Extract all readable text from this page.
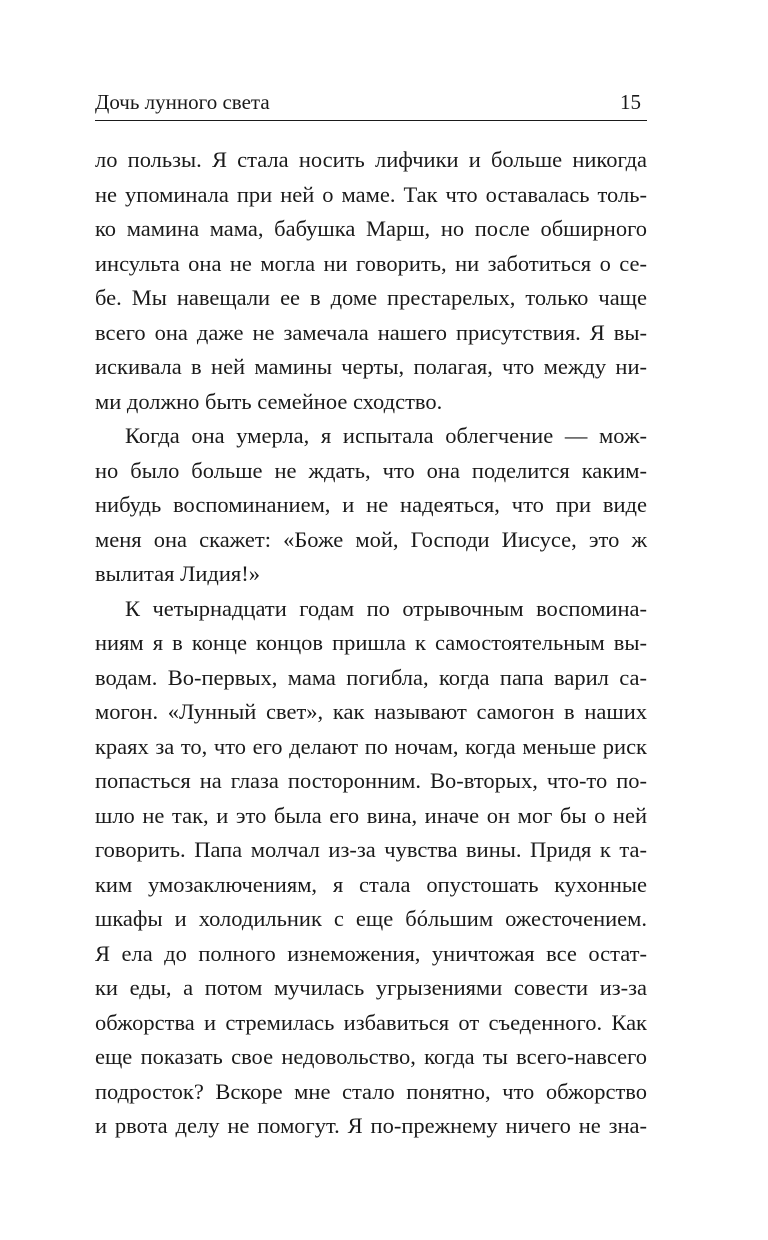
Дочь лунного света	15
ло пользы. Я стала носить лифчики и больше никогда
не упоминала при ней о маме. Так что оставалась толь-
ко мамина мама, бабушка Марш, но после обширного
инсульта она не могла ни говорить, ни заботиться о се-
бе. Мы навещали ее в доме престарелых, только чаще
всего она даже не замечала нашего присутствия. Я вы-
искивала в ней мамины черты, полагая, что между ни-
ми должно быть семейное сходство.
Когда она умерла, я испытала облегчение — мож-
но было больше не ждать, что она поделится каким-
нибудь воспоминанием, и не надеяться, что при виде
меня она скажет: «Боже мой, Господи Иисусе, это ж
вылитая Лидия!»
К четырнадцати годам по отрывочным воспомина-
ниям я в конце концов пришла к самостоятельным вы-
водам. Во-первых, мама погибла, когда папа варил са-
могон. «Лунный свет», как называют самогон в наших
краях за то, что его делают по ночам, когда меньше риск
попасться на глаза посторонним. Во-вторых, что-то по-
шло не так, и это была его вина, иначе он мог бы о ней
говорить. Папа молчал из-за чувства вины. Придя к та-
ким умозаключениям, я стала опустошать кухонные
шкафы и холодильник с еще бóльшим ожесточением.
Я ела до полного изнеможения, уничтожая все остат-
ки еды, а потом мучилась угрызениями совести из-за
обжорства и стремилась избавиться от съеденного. Как
еще показать свое недовольство, когда ты всего-навсего
подросток? Вскоре мне стало понятно, что обжорство
и рвота делу не помогут. Я по-прежнему ничего не зна-
